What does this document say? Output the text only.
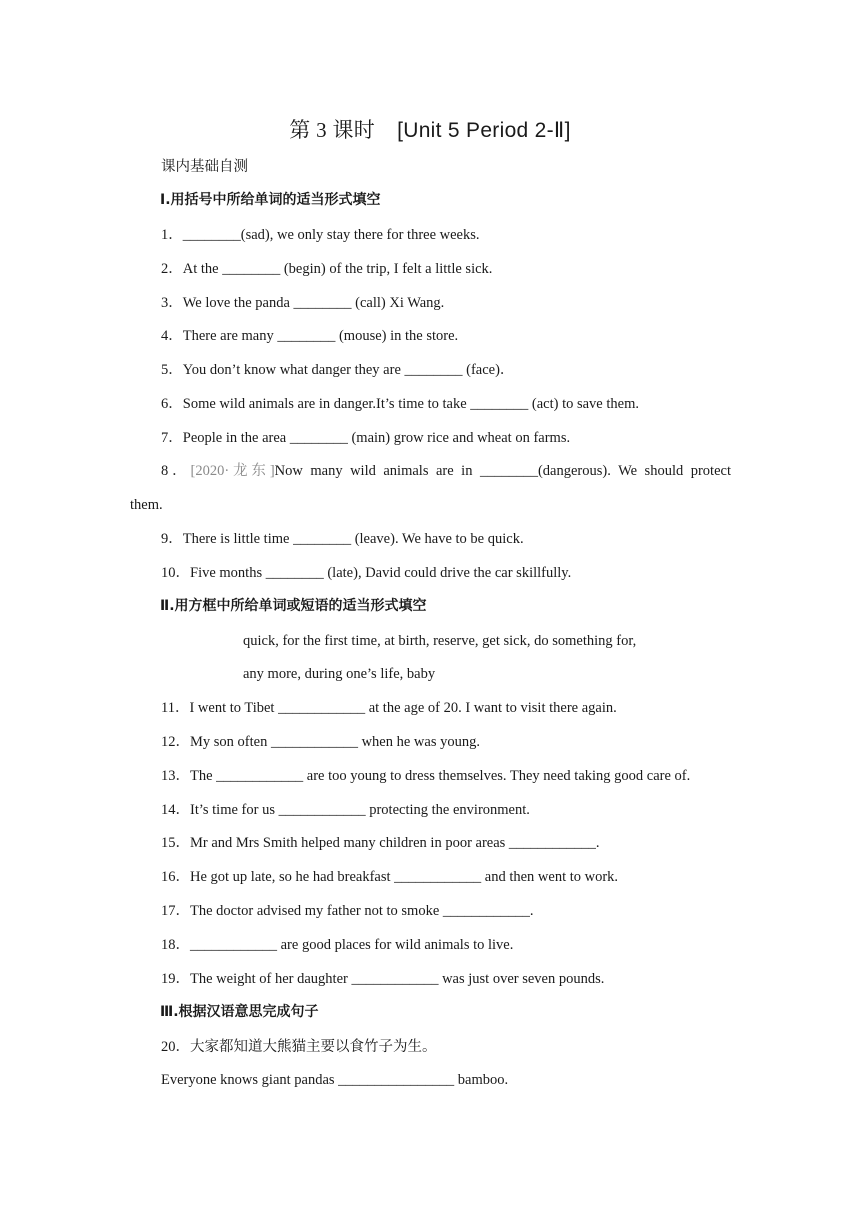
第 3 课时 [Unit 5 Period 2-Ⅱ]
课内基础自测
Ⅰ.用括号中所给单词的适当形式填空
1．________(sad), we only stay there for three weeks.
2．At the ________ (begin) of the trip, I felt a little sick.
3．We love the panda ________ (call) Xi Wang.
4．There are many ________ (mouse) in the store.
5．You don’t know what danger they are ________ (face)．
6．Some wild animals are in danger.It’s time to take ________ (act) to save them.
7．People in the area ________ (main) grow rice and wheat on farms.
8．[2020·龙东]Now many wild animals are in ________(dangerous). We should protect
them.
9．There is little time ________ (leave). We have to be quick.
10．Five months ________ (late), David could drive the car skillfully.
Ⅱ.用方框中所给单词或短语的适当形式填空
quick, for the first time, at birth, reserve, get sick, do something for,
any more, during one’s life, baby
11．I went to Tibet ____________ at the age of 20. I want to visit there again.
12．My son often ____________ when he was young.
13．The ____________ are too young to dress themselves. They need taking good care of.
14．It’s time for us ____________ protecting the environment.
15．Mr and Mrs Smith helped many children in poor areas ____________.
16．He got up late, so he had breakfast ____________ and then went to work.
17．The doctor advised my father not to smoke ____________.
18．____________ are good places for wild animals to live.
19．The weight of her daughter ____________ was just over seven pounds.
Ⅲ.根据汉语意思完成句子
20．大家都知道大熊猫主要以食竹子为生。
Everyone knows giant pandas ________________ bamboo.
